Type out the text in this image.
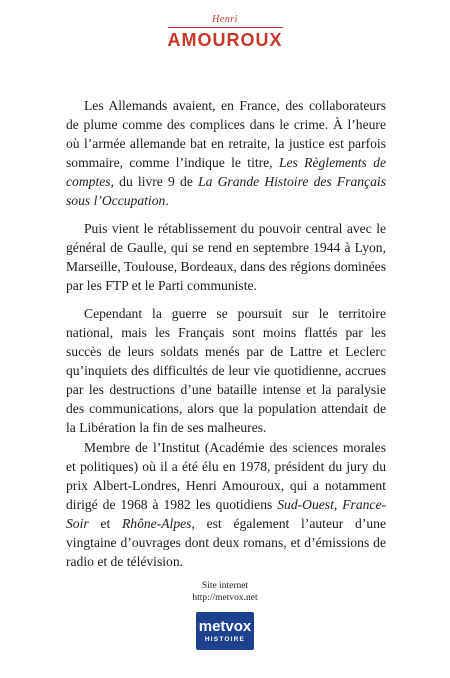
Henri
AMOUROUX

Les Allemands avaient, en France, des collaborateurs de plume comme des complices dans le crime. À l’heure où l’armée allemande bat en retraite, la justice est parfois sommaire, comme l’indique le titre, Les Règlements de comptes, du livre 9 de La Grande Histoire des Français sous l’Occupation.

Puis vient le rétablissement du pouvoir central avec le général de Gaulle, qui se rend en septembre 1944 à Lyon, Marseille, Toulouse, Bordeaux, dans des régions dominées par les FTP et le Parti communiste.

Cependant la guerre se poursuit sur le territoire national, mais les Français sont moins flattés par les succès de leurs soldats menés par de Lattre et Leclerc qu’inquiets des difficultés de leur vie quotidienne, accrues par les destructions d’une bataille intense et la paralysie des communications, alors que la population attendait de la Libération la fin de ses malheures.

Membre de l’Institut (Académie des sciences morales et politiques) où il a été élu en 1978, président du jury du prix Albert-Londres, Henri Amouroux, qui a notamment dirigé de 1968 à 1982 les quotidiens Sud-Ouest, France-Soir et Rhône-Alpes, est également l’auteur d’une vingtaine d’ouvrages dont deux romans, et d’émissions de radio et de télévision.

Site internet
http://metvox.net
metvox
HISTOIRE
